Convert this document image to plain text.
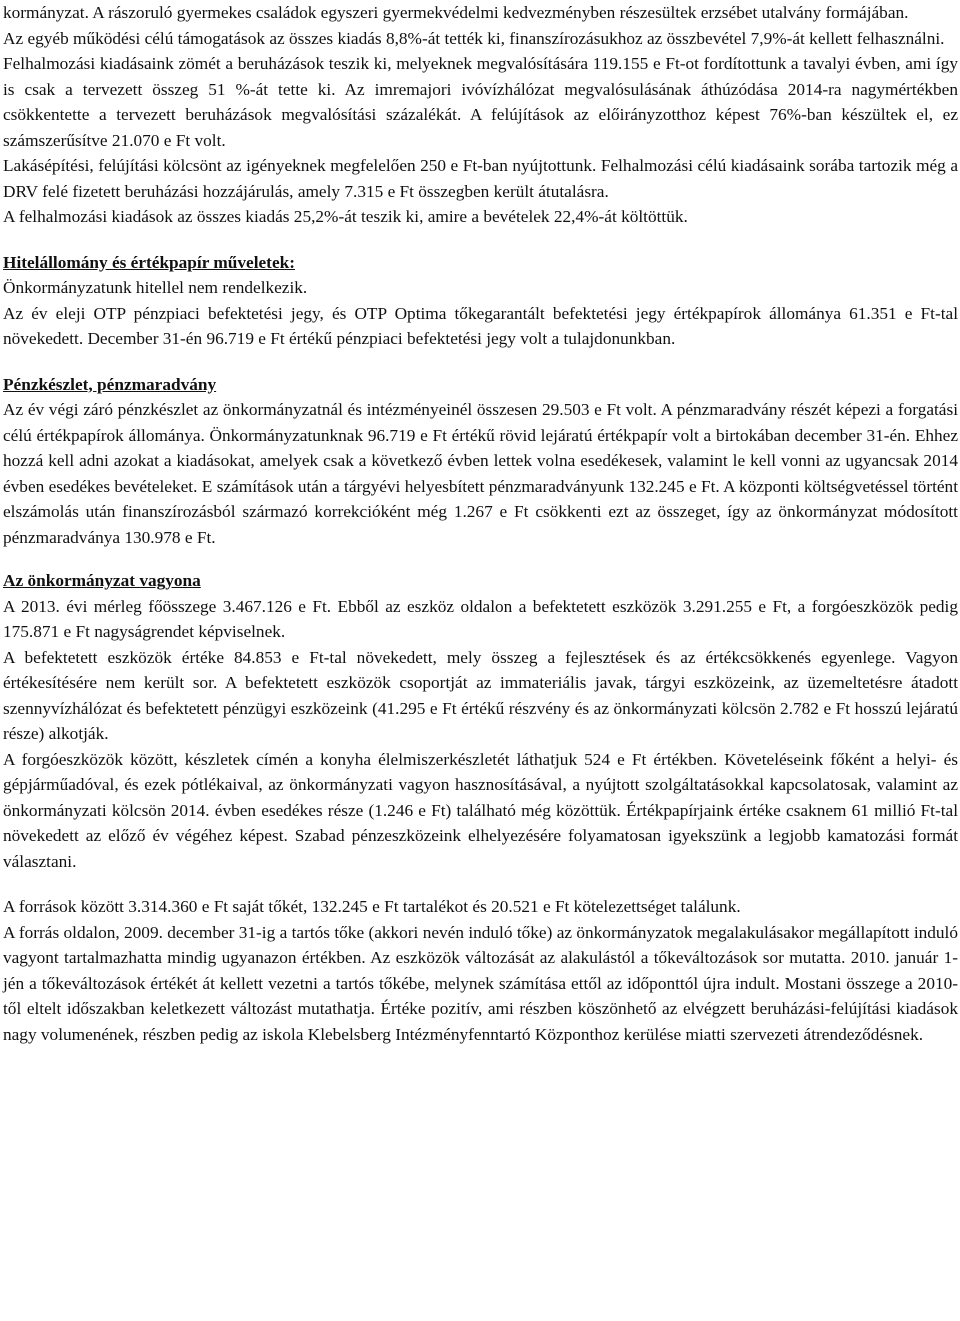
kormányzat. A rászoruló gyermekes családok egyszeri gyermekvédelmi kedvezményben részesültek erzsébet utalvány formájában.

Az egyéb működési célú támogatások az összes kiadás 8,8%-át tették ki, finanszírozásukhoz az összbevétel 7,9%-át kellett felhasználni.

Felhalmozási kiadásaink zömét a beruházások teszik ki, melyeknek megvalósítására 119.155 e Ft-ot fordítottunk a tavalyi évben, ami így is csak a tervezett összeg 51 %-át tette ki. Az imremajori ivóvízhálózat megvalósulásának áthúzódása 2014-ra nagymértékben csökkentette a tervezett beruházások megvalósítási százalékát. A felújítások az előirányzotthoz képest 76%-ban készültek el, ez számszerűsítve 21.070 e Ft volt.

Lakásépítési, felújítási kölcsönt az igényeknek megfelelően 250 e Ft-ban nyújtottunk. Felhalmozási célú kiadásaink sorába tartozik még a DRV felé fizetett beruházási hozzájárulás, amely 7.315 e Ft összegben került átutalásra.

A felhalmozási kiadások az összes kiadás 25,2%-át teszik ki, amire a bevételek 22,4%-át költöttük.

Hitelállomány és értékpapír műveletek:

Önkormányzatunk hitellel nem rendelkezik.

Az év eleji OTP pénzpiaci befektetési jegy, és OTP Optima tőkegarantált befektetési jegy értékpapírok állománya 61.351 e Ft-tal növekedett. December 31-én 96.719 e Ft értékű pénzpiaci befektetési jegy volt a tulajdonunkban.

Pénzkészlet, pénzmaradvány

Az év végi záró pénzkészlet az önkormányzatnál és intézményeinél összesen 29.503 e Ft volt. A pénzmaradvány részét képezi a forgatási célú értékpapírok állománya. Önkormányzatunknak 96.719 e Ft értékű rövid lejáratú értékpapír volt a birtokában december 31-én. Ehhez hozzá kell adni azokat a kiadásokat, amelyek csak a következő évben lettek volna esedékesek, valamint le kell vonni az ugyancsak 2014 évben esedékes bevételeket. E számítások után a tárgyévi helyesbített pénzmaradványunk 132.245 e Ft. A központi költségvetéssel történt elszámolás után finanszírozásból származó korrekcióként még 1.267 e Ft csökkenti ezt az összeget, így az önkormányzat módosított pénzmaradványa 130.978 e Ft.

Az önkormányzat vagyona

A 2013. évi mérleg főösszege 3.467.126 e Ft. Ebből az eszköz oldalon a befektetett eszközök 3.291.255 e Ft, a forgóeszközök pedig 175.871 e Ft nagyságrendet képviselnek.

A befektetett eszközök értéke 84.853 e Ft-tal növekedett, mely összeg a fejlesztések és az értékcsökkenés egyenlege. Vagyon értékesítésére nem került sor. A befektetett eszközök csoportját az immateriális javak, tárgyi eszközeink, az üzemeltetésre átadott szennyvízhálózat és befektetett pénzügyi eszközeink (41.295 e Ft értékű részvény és az önkormányzati kölcsön 2.782 e Ft hosszú lejáratú része) alkotják.

A forgóeszközök között, készletek címén a konyha élelmiszerkészletét láthatjuk 524 e Ft értékben. Követeléseink főként a helyi- és gépjárműadóval, és ezek pótlékaival, az önkormányzati vagyon hasznosításával, a nyújtott szolgáltatásokkal kapcsolatosak, valamint az önkormányzati kölcsön 2014. évben esedékes része (1.246 e Ft) található még közöttük. Értékpapírjaink értéke csaknem 61 millió Ft-tal növekedett az előző év végéhez képest. Szabad pénzeszközeink elhelyezésére folyamatosan igyekszünk a legjobb kamatozási formát választani.

A források között 3.314.360 e Ft saját tőkét, 132.245 e Ft tartalékot és 20.521 e Ft kötelezettséget találunk.

A forrás oldalon, 2009. december 31-ig a tartós tőke (akkori nevén induló tőke) az önkormányzatok megalakulásakor megállapított induló vagyont tartalmazhatta mindig ugyanazon értékben. Az eszközök változását az alakulástól a tőkeváltozások sor mutatta. 2010. január 1-jén a tőkeváltozások értékét át kellett vezetni a tartós tőkébe, melynek számítása ettől az időponttól újra indult. Mostani összege a 2010-től eltelt időszakban keletkezett változást mutathatja. Értéke pozitív, ami részben köszönhető az elvégzett beruházási-felújítási kiadások nagy volumenének, részben pedig az iskola Klebelsberg Intézményfenntartó Központhoz kerülése miatti szervezeti átrendeződésnek.
